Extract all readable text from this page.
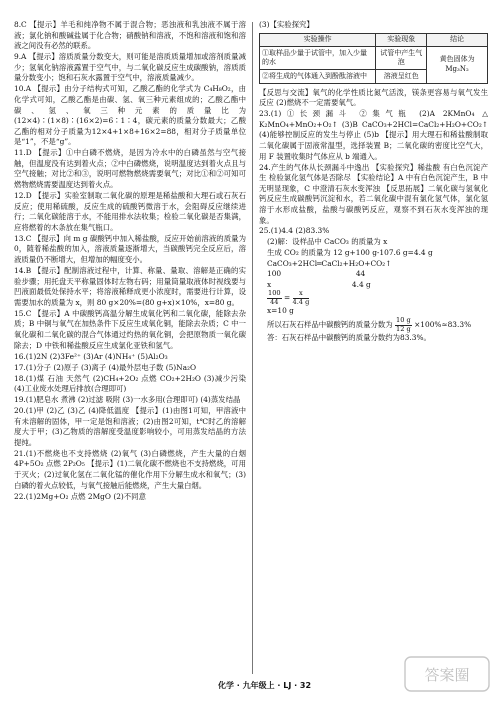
8.C 【提示】羊毛和纯净物不属于混合物；恶浊液和乳浊液不属于溶液；氯化钠和酸碱盐属于化合物；硝酸钠和溶液，不饱和溶液和饱和溶液之间没有必然的联系。

9.A 【提示】溶质质量分数变大，则可能是溶质质量增加或溶剂质量减少；氢氧化钠溶液露置于空气中，与二氧化碳反应生成碳酸钠，溶质质量分数变小；饱和石灰水露置于空气中，溶液质量减少。

10.A 【提示】由分子结构式可知，乙酸乙酯的化学式为 C₄H₈O₂，由化学式可知，乙酸乙酯是由碳、氢、氧三种元素组成的；乙酸乙酯中碳、氢、氧三种元素的质量比为(12×4)∶(1×8)∶(16×2)=6∶1∶4，碳元素的质量分数最大；乙酸乙酯的相对分子质量为12×4+1×8+16×2=88，相对分子质量单位是“1”，不是“g”。

11.D 【提示】①中白磷不燃烧，是因为冷水中的白磷虽然与空气接触，但温度没有达到着火点；②中白磷燃烧，说明温度达到着火点且与空气接触；对比②和③，说明可燃物燃烧需要氧气；对比①和②可知可燃物燃烧需要温度达到着火点。

12.D 【提示】实验室制取二氧化碳的原理是稀盐酸和大理石或石灰石反应；使用稀硫酸，反应生成的硫酸钙微溶于水，会阻碍反应继续进行；二氧化碳能溶于水，不能用排水法收集；检验二氧化碳是否集满，应将燃着的木条放在集气瓶口。

13.C 【提示】向 m g 碳酸钙中加入稀盐酸，反应开始前溶液的质量为0，随着稀盐酸的加入，溶液质量逐渐增大，当碳酸钙完全反应后，溶液质量仍不断增大，但增加的幅度变小。

14.B 【提示】配制溶液过程中，计算、称量、量取、溶解是正确的实验步骤；用托盘天平称量固体时左物右码；用量筒量取液体时视线要与凹液面最低处保持水平；将溶液稀释成更小浓度时，需要进行计算，设需要加水的质量为 x，则 80 g×20%=(80 g+x)×10%，x=80 g。

15.C 【提示】A 中碳酸钙高温分解生成氧化钙和二氧化碳，能除去杂质；B 中铜与氧气在加热条件下反应生成氧化铜，能除去杂质；C 中一氧化碳和二氧化碳的混合气体通过灼热的氧化铜，会把原物质一氧化碳除去；D 中铁和稀盐酸反应生成氯化亚铁和氢气。

16.(1)2N (2)3Fe²⁺ (3)Ar (4)NH₄⁺ (5)Al₂O₃

17.(1)分子 (2)原子 (3)离子 (4)最外层电子数 (5)Na₂O

18.(1)煤 石油 天然气 (2)CH₄+2O₂ 点燃 CO₂+2H₂O (3)减少污染 (4)工业废水处理后排放(合理即可)

19.(1)肥皂水 煮沸 (2)过滤 吸附 (3)一水多用(合理即可) (4)蒸发结晶

20.(1)甲 (2)乙 (3)乙 (4)降低温度 【提示】(1)由图1可知，甲溶液中有未溶解的固体，甲一定是饱和溶液；(2)由图2可知，t℃时乙的溶解度大于甲；(3)乙物质的溶解度受温度影响较小，可用蒸发结晶的方法提纯。

21.(1)不燃烧也不支持燃烧 (2)氧气 (3)白磷燃烧，产生大量的白烟 4P+5O₂ 点燃 2P₂O₅ 【提示】(1)二氧化碳不燃烧也不支持燃烧，可用于灭火；(2)过氧化氢在二氧化锰的催化作用下分解生成水和氧气；(3)白磷的着火点较低，与氧气接触后能燃烧，产生大量白烟。

22.(1)2Mg+O₂ 点燃 2MgO (2)不同意

(3)【实验探究】
实验操作	实验现象	结论
①取样品少量于试管中，加入少量的水	试管中产生气泡	黄色固体为Mg₃N₂
②将生成的气体通入到酚酞溶液中	溶液呈红色	

【反思与交流】氧气的化学性质比氮气活泼，镁条更容易与氧气发生反应 (2)燃烧不一定需要氧气。

23.(1)①长颈漏斗 ②集气瓶 (2)A 2KMnO₄ △ K₂MnO₄+MnO₂+O₂↑ (3)B CaCO₃+2HCl=CaCl₂+H₂O+CO₂↑ (4)能够控制反应的发生与停止 (5)b 【提示】用大理石和稀盐酸制取二氧化碳属于固液常温型，选择装置 B；二氧化碳的密度比空气大，用 F 装置收集时气体应从 b 端通入。

24.产生的气体从长颈漏斗中逸出 【实验探究】稀盐酸 有白色沉淀产生 检验氯化氢气体是否除尽 【实验结论】A 中有白色沉淀产生，B 中无明显现象，C 中澄清石灰水变浑浊 【反思拓展】二氧化碳与氢氧化钙反应生成碳酸钙沉淀和水，若二氧化碳中混有氯化氢气体，氯化氢溶于水形成盐酸，盐酸与碳酸钙反应，观察不到石灰水变浑浊的现象。

25.(1)4.4 (2)83.3%

(2)解：设样品中 CaCO₃ 的质量为 x

生成 CO₂ 的质量为 12 g+100 g-107.6 g=4.4 g

CaCO₃+2HCl═CaCl₂+H₂O+CO₂↑

100	44

x	4.4 g

$\frac{100}{44} = \frac{x}{4.4 g}$

x=10 g

所以石灰石样品中碳酸钙的质量分数为 $\frac{10 g}{12 g} \times 100\%\approx 83.3\%$

答：石灰石样品中碳酸钙的质量分数约为83.3%。

化学 · 九年级上 · LJ · 32
答案圈
